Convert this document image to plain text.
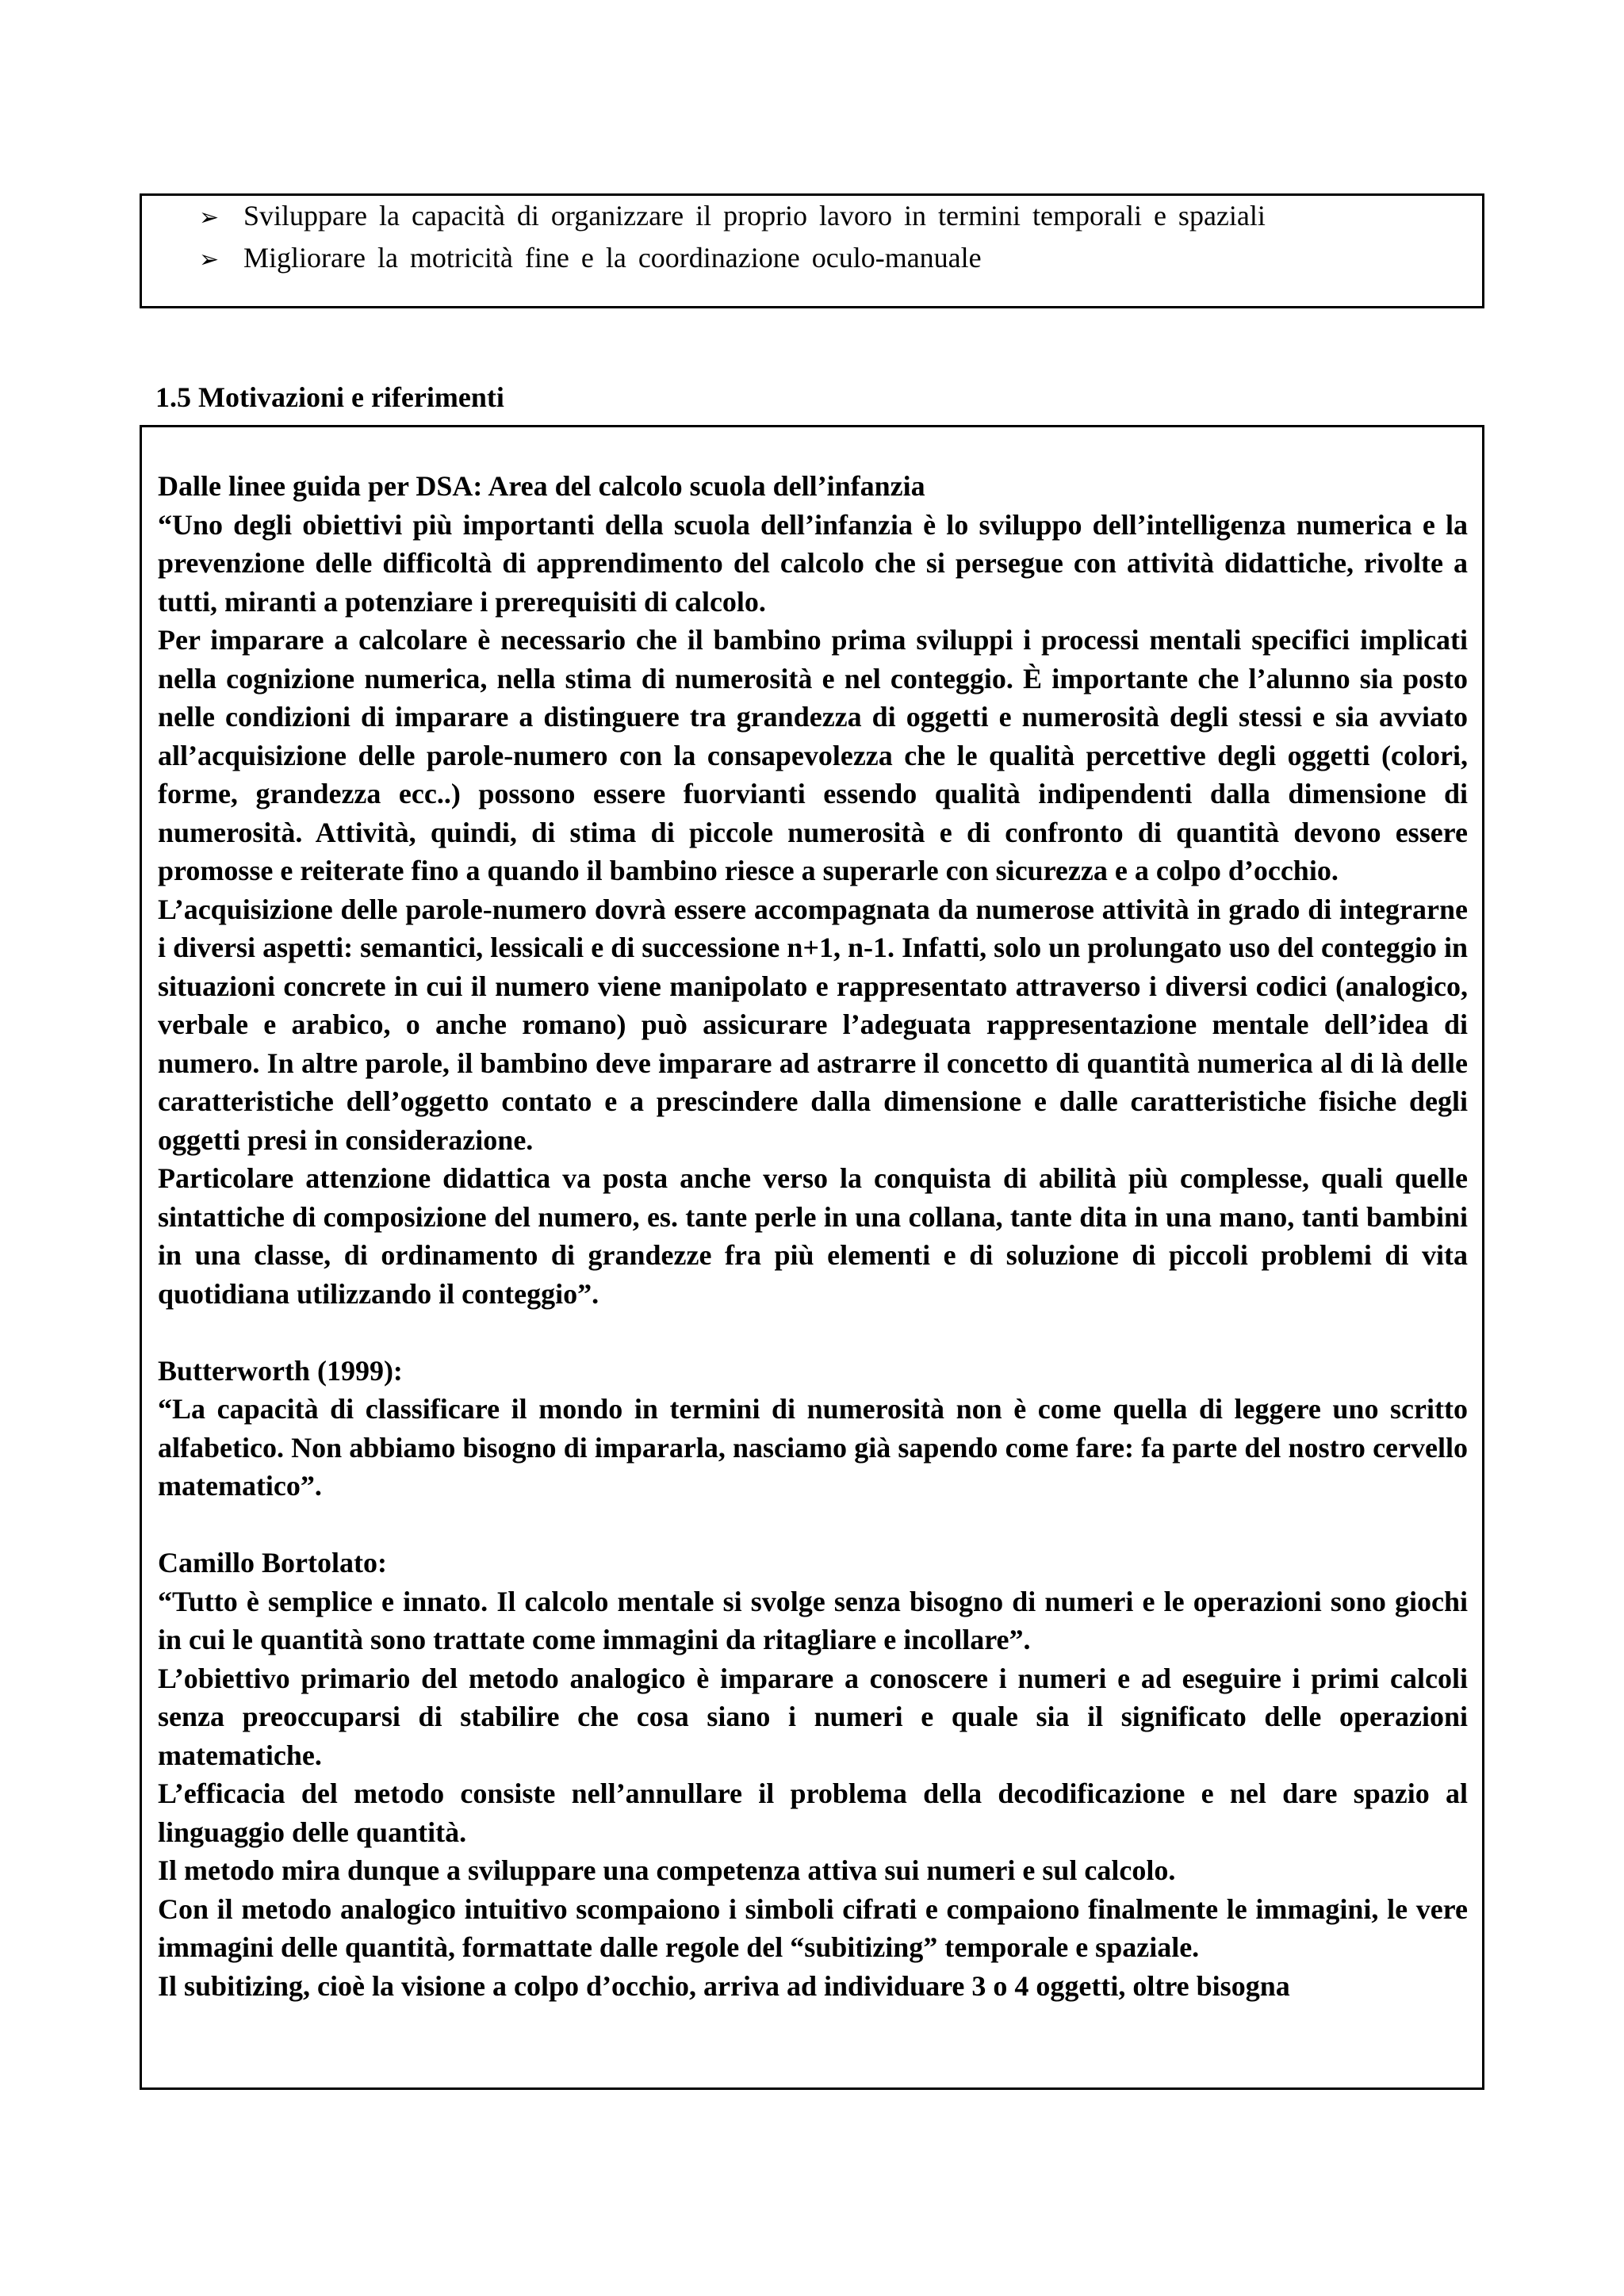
➢ Sviluppare la capacità di organizzare il proprio lavoro in termini temporali e spaziali
➢ Migliorare la motricità fine e la coordinazione oculo-manuale
1.5 Motivazioni e riferimenti

Dalle linee guida per DSA: Area del calcolo scuola dell’infanzia

“Uno degli obiettivi più importanti della scuola dell’infanzia è lo sviluppo dell’intelligenza numerica e la prevenzione delle difficoltà di apprendimento del calcolo che si persegue con attività didattiche, rivolte a tutti, miranti a potenziare i prerequisiti di calcolo.

Per imparare a calcolare è necessario che il bambino prima sviluppi i processi mentali specifici implicati nella cognizione numerica, nella stima di numerosità e nel conteggio. È importante che l’alunno sia posto nelle condizioni di imparare a distinguere tra grandezza di oggetti e numerosità degli stessi e sia avviato all’acquisizione delle parole-numero con la consapevolezza che le qualità percettive degli oggetti (colori, forme, grandezza ecc..) possono essere fuorvianti essendo qualità indipendenti dalla dimensione di numerosità. Attività, quindi, di stima di piccole numerosità e di confronto di quantità devono essere promosse e reiterate fino a quando il bambino riesce a superarle con sicurezza e a colpo d’occhio.

L’acquisizione delle parole-numero dovrà essere accompagnata da numerose attività in grado di integrarne i diversi aspetti: semantici, lessicali e di successione n+1, n-1. Infatti, solo un prolungato uso del conteggio in situazioni concrete in cui il numero viene manipolato e rappresentato attraverso i diversi codici (analogico, verbale e arabico, o anche romano) può assicurare l’adeguata rappresentazione mentale dell’idea di numero. In altre parole, il bambino deve imparare ad astrarre il concetto di quantità numerica al di là delle caratteristiche dell’oggetto contato e a prescindere dalla dimensione e dalle caratteristiche fisiche degli oggetti presi in considerazione.

Particolare attenzione didattica va posta anche verso la conquista di abilità più complesse, quali quelle sintattiche di composizione del numero, es. tante perle in una collana, tante dita in una mano, tanti bambini in una classe, di ordinamento di grandezze fra più elementi e di soluzione di piccoli problemi di vita quotidiana utilizzando il conteggio”.

Butterworth (1999):

“La capacità di classificare il mondo in termini di numerosità non è come quella di leggere uno scritto alfabetico. Non abbiamo bisogno di impararla, nasciamo già sapendo come fare: fa parte del nostro cervello matematico”.

Camillo Bortolato:

“Tutto è semplice e innato. Il calcolo mentale si svolge senza bisogno di numeri e le operazioni sono giochi in cui le quantità sono trattate come immagini da ritagliare e incollare”.

L’obiettivo primario del metodo analogico è imparare a conoscere i numeri e ad eseguire i primi calcoli senza preoccuparsi di stabilire che cosa siano i numeri e quale sia il significato delle operazioni matematiche.

L’efficacia del metodo consiste nell’annullare il problema della decodificazione e nel dare spazio al linguaggio delle quantità.

Il metodo mira dunque a sviluppare una competenza attiva sui numeri e sul calcolo.

Con il metodo analogico intuitivo scompaiono i simboli cifrati e compaiono finalmente le immagini, le vere immagini delle quantità, formattate dalle regole del “subitizing” temporale e spaziale.

Il subitizing, cioè la visione a colpo d’occhio, arriva ad individuare 3 o 4 oggetti, oltre bisogna
